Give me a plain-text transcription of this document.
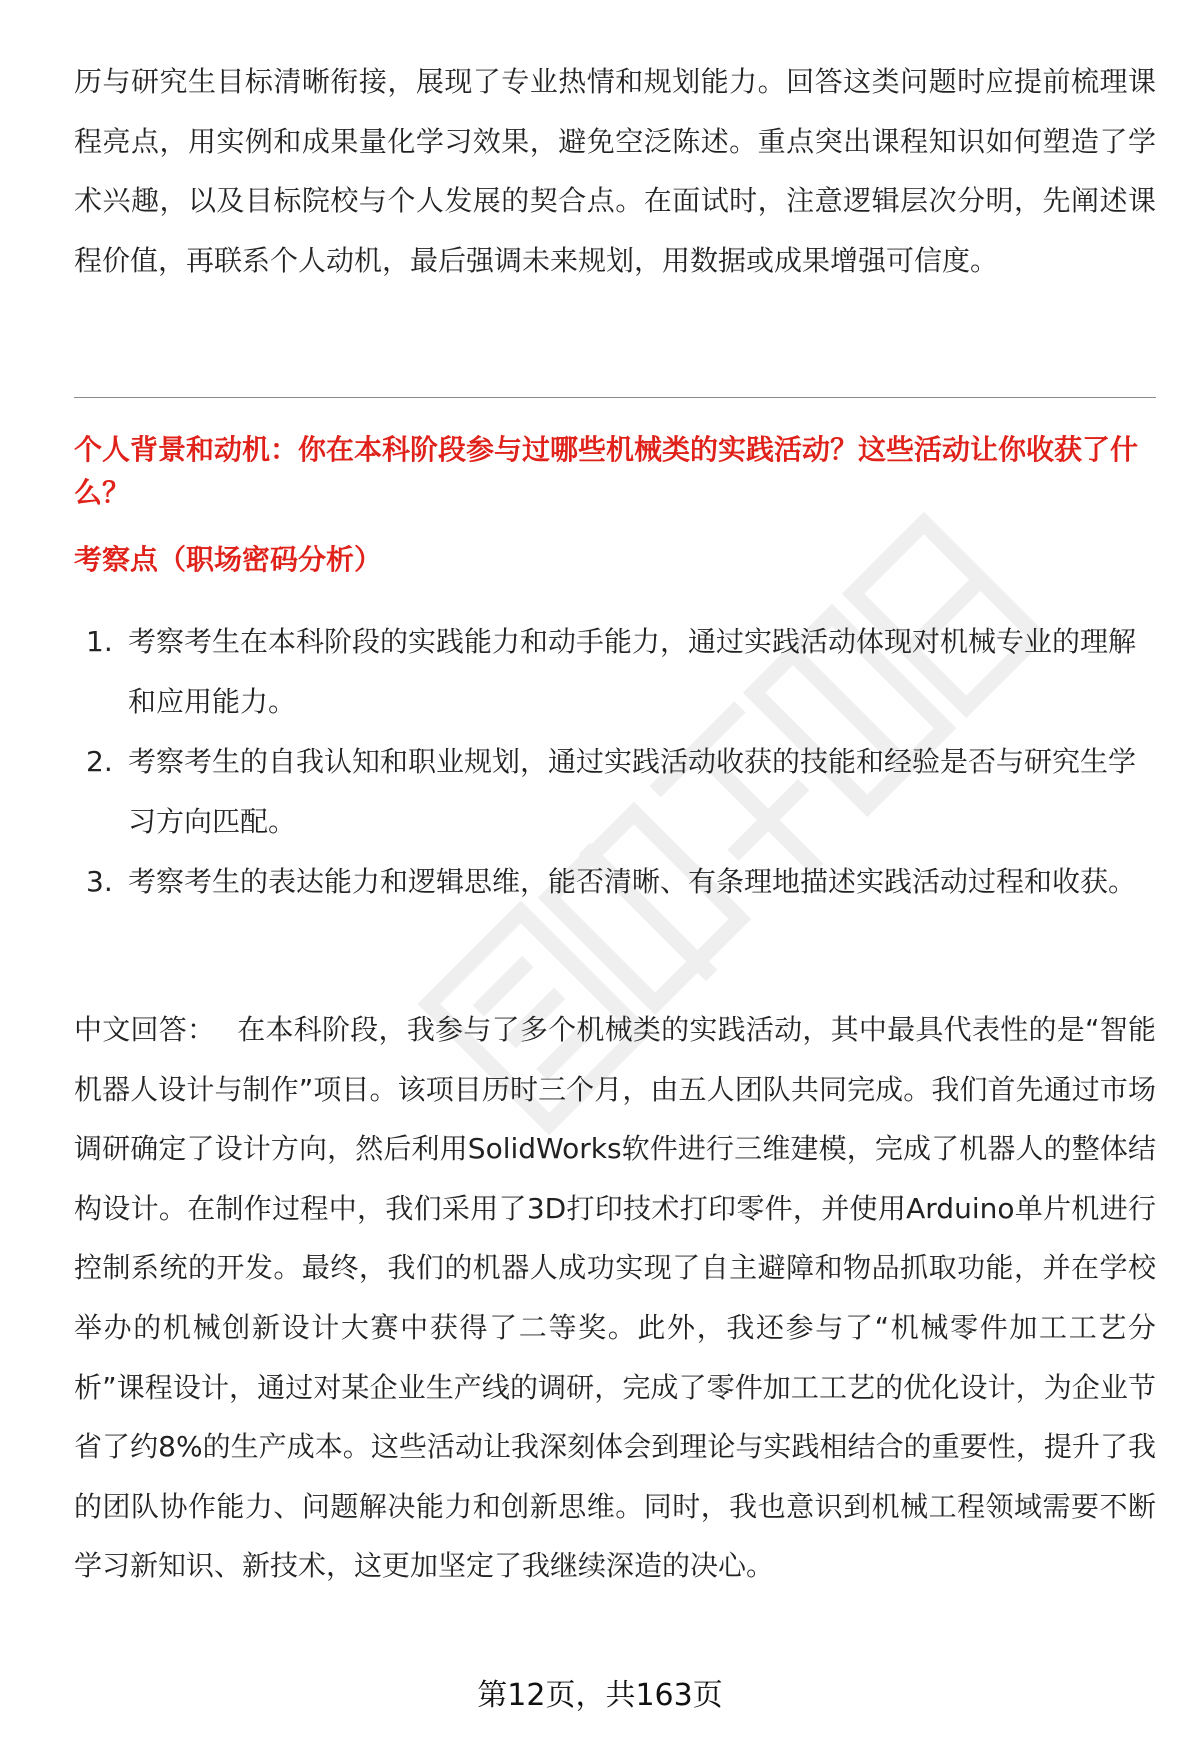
历与研究生目标清晰衔接，展现了专业热情和规划能力。回答这类问题时应提前梳理课程亮点，用实例和成果量化学习效果，避免空泛陈述。重点突出课程知识如何塑造了学术兴趣，以及目标院校与个人发展的契合点。在面试时，注意逻辑层次分明，先阐述课程价值，再联系个人动机，最后强调未来规划，用数据或成果增强可信度。

个人背景和动机：你在本科阶段参与过哪些机械类的实践活动？这些活动让你收获了什么？
考察点（职场密码分析）
1. 考察考生在本科阶段的实践能力和动手能力，通过实践活动体现对机械专业的理解和应用能力。
2. 考察考生的自我认知和职业规划，通过实践活动收获的技能和经验是否与研究生学习方向匹配。
3. 考察考生的表达能力和逻辑思维，能否清晰、有条理地描述实践活动过程和收获。

中文回答： 在本科阶段，我参与了多个机械类的实践活动，其中最具代表性的是“智能机器人设计与制作”项目。该项目历时三个月，由五人团队共同完成。我们首先通过市场调研确定了设计方向，然后利用SolidWorks软件进行三维建模，完成了机器人的整体结构设计。在制作过程中，我们采用了3D打印技术打印零件，并使用Arduino单片机进行控制系统的开发。最终，我们的机器人成功实现了自主避障和物品抓取功能，并在学校举办的机械创新设计大赛中获得了二等奖。此外，我还参与了“机械零件加工工艺分析”课程设计，通过对某企业生产线的调研，完成了零件加工工艺的优化设计，为企业节省了约8%的生产成本。这些活动让我深刻体会到理论与实践相结合的重要性，提升了我的团队协作能力、问题解决能力和创新思维。同时，我也意识到机械工程领域需要不断学习新知识、新技术，这更加坚定了我继续深造的决心。

第12页，共163页
